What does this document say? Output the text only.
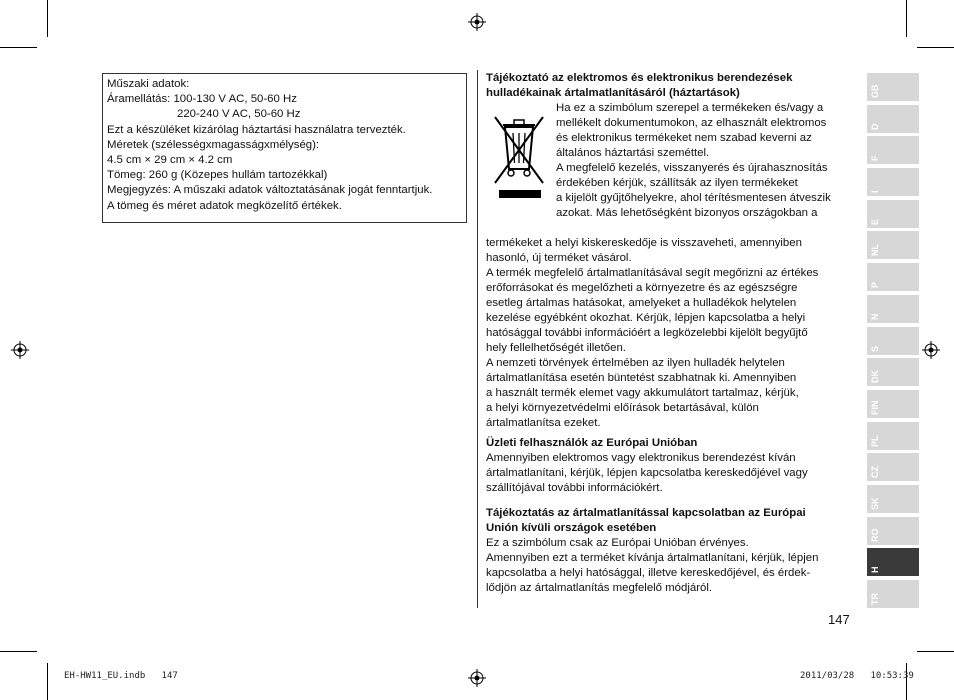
Műszaki adatok:
Áramellátás: 100-130 V AC, 50-60 Hz
220-240 V AC, 50-60 Hz
Ezt a készüléket kizárólag háztartási használatra tervezték.
Méretek (szélességxmagasságxmélység):
4.5 cm × 29 cm × 4.2 cm
Tömeg: 260 g (Közepes hullám tartozékkal)
Megjegyzés: A műszaki adatok változtatásának jogát fenntartjuk.
A tömeg és méret adatok megközelítő értékek.
Tájékoztató az elektromos és elektronikus berendezések
hulladékainak ártalmatlanításáról (háztartások)
Ha ez a szimbólum szerepel a termékeken és/vagy a
mellékelt dokumentumokon, az elhasznált elektromos
és elektronikus termékeket nem szabad keverni az
általános háztartási szeméttel.
A megfelelő kezelés, visszanyerés és újrahasznosítás
érdekében kérjük, szállítsák az ilyen termékeket
a kijelölt gyűjtőhelyekre, ahol térítésmentesen átveszik
azokat. Más lehetőségként bizonyos országokban a
termékeket a helyi kiskereskedője is visszaveheti, amennyiben
hasonló, új terméket vásárol.
A termék megfelelő ártalmatlanításával segít megőrizni az értékes
erőforrásokat és megelőzheti a környezetre és az egészségre
esetleg ártalmas hatásokat, amelyeket a hulladékok helytelen
kezelése egyébként okozhat. Kérjük, lépjen kapcsolatba a helyi
hatósággal további információért a legközelebbi kijelölt begyűjtő
hely fellelhetőségét illetően.
A nemzeti törvények értelmében az ilyen hulladék helytelen
ártalmatlanítása esetén büntetést szabhatnak ki. Amennyiben
a használt termék elemet vagy akkumulátort tartalmaz, kérjük,
a helyi környezetvédelmi előírások betartásával, külön
ártalmatlanítsa ezeket.
Üzleti felhasználók az Európai Unióban
Amennyiben elektromos vagy elektronikus berendezést kíván
ártalmatlanítani, kérjük, lépjen kapcsolatba kereskedőjével vagy
szállítójával további információkért.
Tájékoztatás az ártalmatlanítással kapcsolatban az Európai
Unión kívüli országok esetében
Ez a szimbólum csak az Európai Unióban érvényes.
Amennyiben ezt a terméket kívánja ártalmatlanítani, kérjük, lépjen
kapcsolatba a helyi hatósággal, illetve kereskedőjével, és érdek-
lődjön az ártalmatlanítás megfelelő módjáról.
GB
D
F
I
E
NL
P
N
S
DK
FIN
PL
CZ
SK
RO
H
TR
147
EH-HW11_EU.indb 147	2011/03/28 10:53:39
